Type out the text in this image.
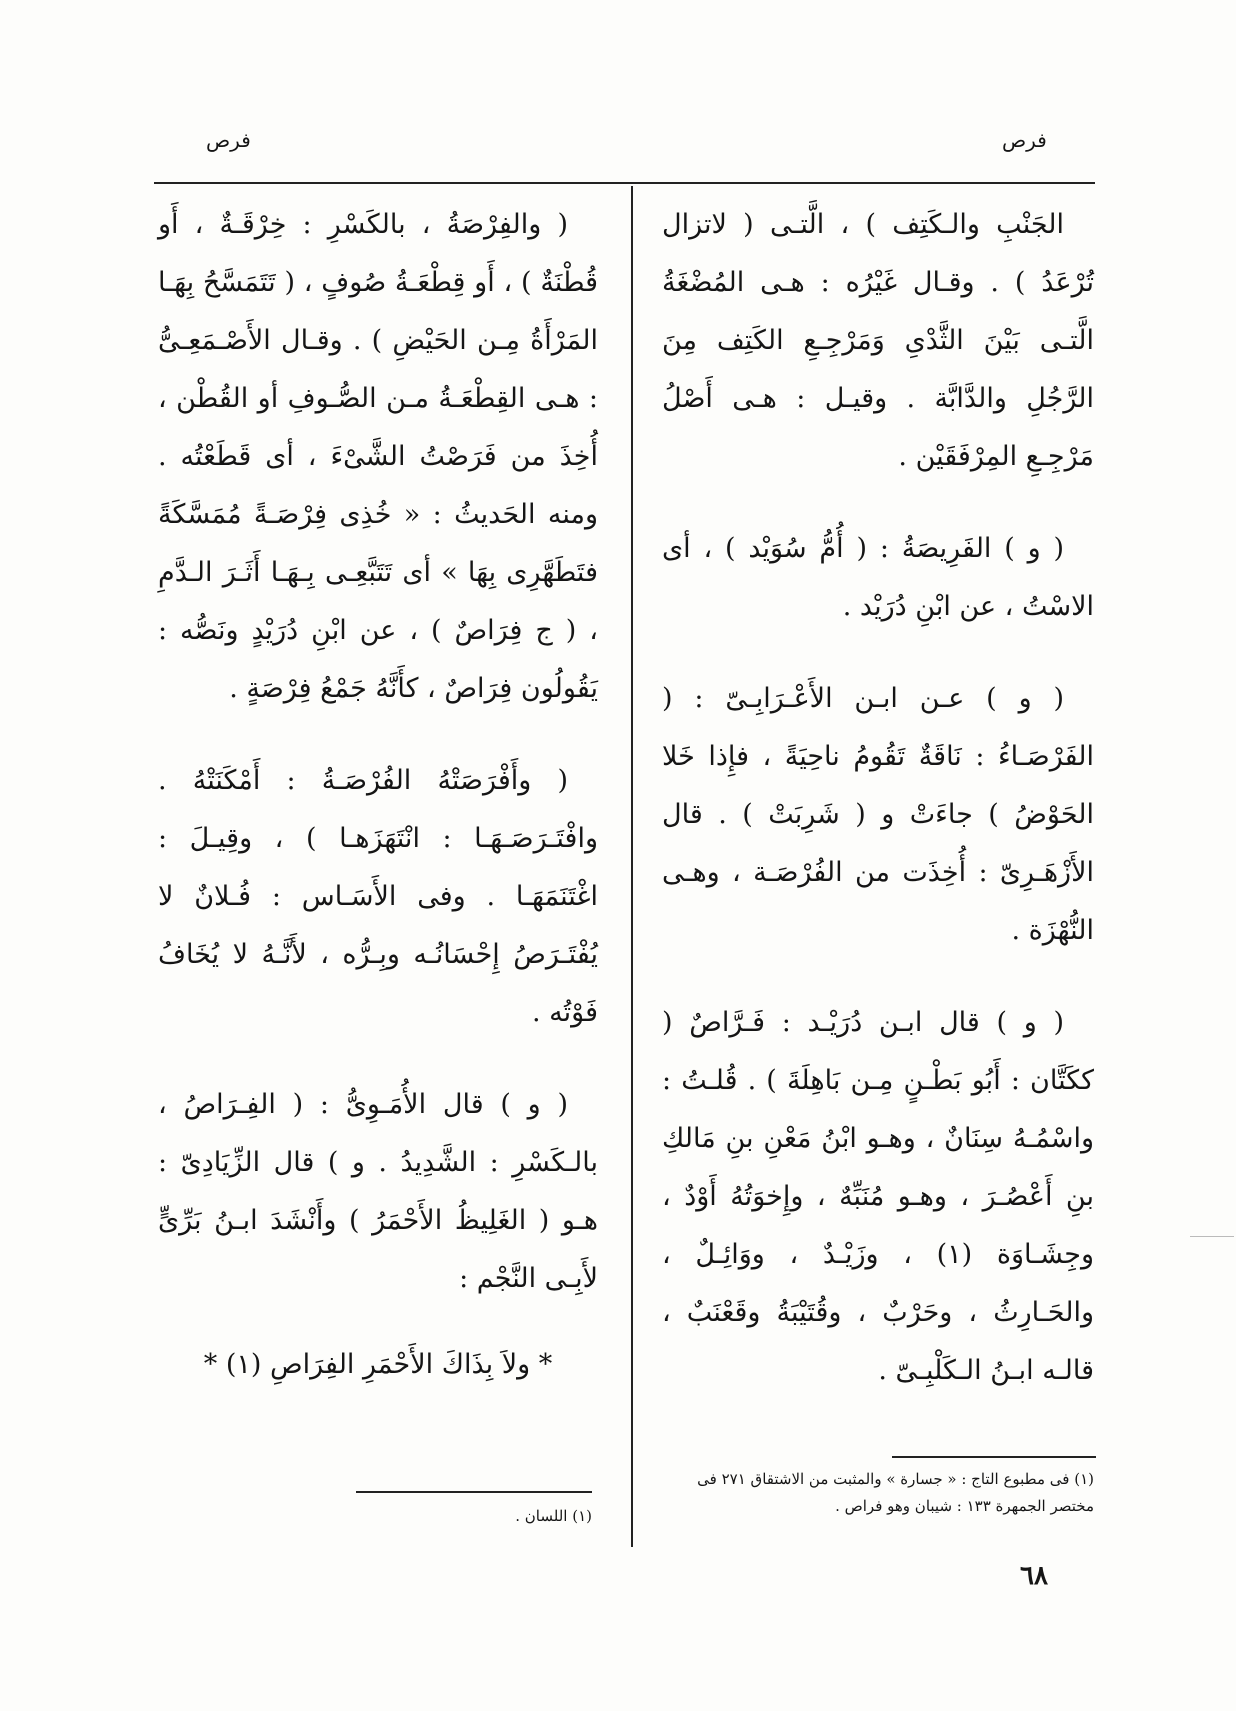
فرص
فرص

الجَنْبِ والـكَتِف ) ، الَّتـى ( لاتزال تُرْعَدُ ) . وقـال غَيْرُه : هـى المُضْغَةُ الَّتـى بَيْنَ الثَّدْىِ وَمَرْجِـعِ الكَتِف مِنَ الرَّجُلِ والدَّابَّة . وقيـل : هـى أَصْلُ مَرْجِـعِ المِرْفَقَيْن .

( و ) الفَرِيصَةُ : ( أُمُّ سُوَيْد ) ، أى الاسْتُ ، عن ابْنِ دُرَيْد .

( و ) عـن ابـن الأَعْـرَابِـىّ : ( الفَرْصَـاءُ : نَاقَةٌ تَقُومُ ناحِيَةً ، فإِذا خَلا الحَوْضُ ) جاءَتْ و ( شَرِبَتْ ) . قال الأَزْهَـرِىّ : أُخِذَت من الفُرْصَـة ، وهـى النُّهْزَة .

( و ) قال ابـن دُرَيْـد : فَـرَّاصٌ ( ككَتَّان : أَبُو بَطْـنٍ مِـن بَاهِلَةَ ) . قُلـتُ : واسْمُـهُ سِنَانٌ ، وهـو ابْنُ مَعْنِ بنِ مَالكِ بنِ أَعْصُـرَ ، وهـو مُنَبِّهٌ ، وإِخوَتُهُ أَوْدٌ ، وجِشَـاوَة (١) ، وزَيْـدٌ ، ووَائِـلٌ ، والحَـارِثُ ، وحَرْبٌ ، وقُتَيْبَةُ وقَعْنَبٌ ، قالـه ابـنُ الـكَلْبِـىّ .

( والفِرْصَةُ ، بالكَسْرِ : خِرْقَـةٌ ، أَو قُطْنَةٌ ) ، أَو قِطْعَـةُ صُوفٍ ، ( تَتَمَسَّحُ بِهَـا المَرْأَةُ مِـن الحَيْضِ ) . وقـال الأَصْـمَعِـىُّ : هـى القِطْعَـةُ مـن الصُّـوفِ أو القُطْن ، أُخِذَ من فَرَصْتُ الشَّىْءَ ، أى قَطَعْتُه . ومنه الحَديثُ : « خُذِى فِرْصَـةً مُمَسَّكَةً فتَطَهَّرِى بِهَا » أى تَتَبَّعِـى بِـهَـا أَثَـرَ الـدَّمِ ، ( ج فِرَاصٌ ) ، عن ابْنِ دُرَيْدٍ ونَصُّه : يَقُولُون فِرَاصٌ ، كأَنَّهُ جَمْعُ فِرْصَةٍ .

( وأَفْرَصَتْهُ الفُرْصَـةُ : أَمْكَنَتْهُ . وافْتَـرَصَـهَـا : انْتَهَزَهـا ) ، وقِيـلَ : اغْتَنَمَهَـا . وفى الأَسَـاس : فُـلانٌ لا يُفْتَـرَصُ إِحْسَانُـه وبِـرُّه ، لأَنَّـهُ لا يُخَافُ فَوْتُه .

( و ) قال الأُمَـوِىُّ : ( الفِـرَاصُ ، بالـكَسْرِ : الشَّدِيدُ . و ) قال الزِّيَادِىّ : هـو ( الغَلِيظُ الأَحْمَرُ ) وأَنْشَدَ ابـنُ بَرِّىٍّ لأَبِـى النَّجْم :

* ولاَ بِذَاكَ الأَحْمَرِ الفِرَاصِ (١) *
(١) فى مطبوع التاج : « جسارة » والمثبت من الاشتقاق ٢٧١ فى مختصر الجمهرة ١٣٣ : شيبان وهو فراص .
(١) اللسان .
٦٨
